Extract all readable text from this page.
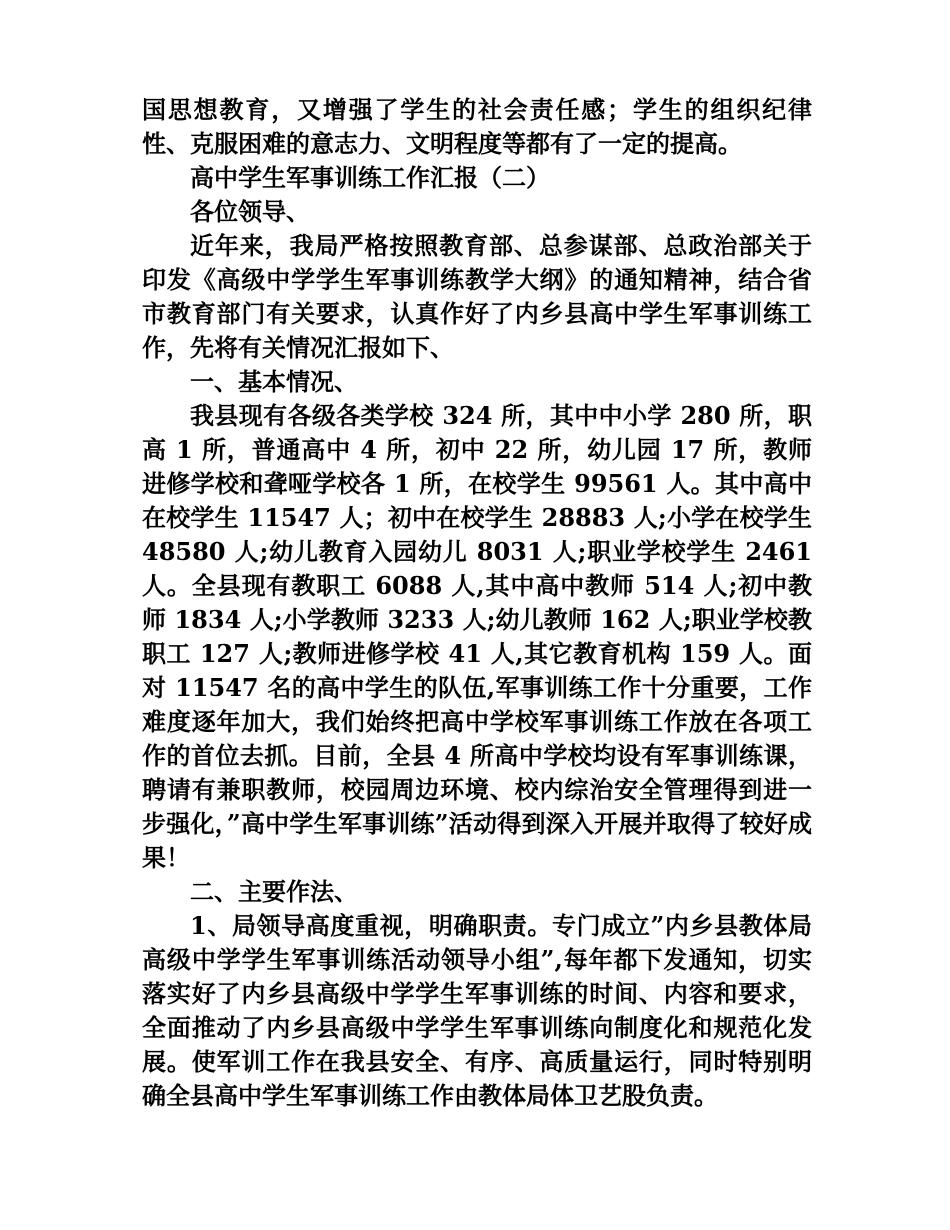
国思想教育，又增强了学生的社会责任感；学生的组织纪律性、克服困难的意志力、文明程度等都有了一定的提高。

高中学生军事训练工作汇报（二）

各位领导、

近年来，我局严格按照教育部、总参谋部、总政治部关于印发《高级中学学生军事训练教学大纲》的通知精神，结合省市教育部门有关要求，认真作好了内乡县高中学生军事训练工作，先将有关情况汇报如下、

一、基本情况、

我县现有各级各类学校 324 所，其中中小学 280 所，职高 1 所，普通高中 4 所，初中 22 所，幼儿园 17 所，教师进修学校和聋哑学校各 1 所，在校学生 99561 人。其中高中在校学生 11547 人；初中在校学生 28883 人;小学在校学生 48580 人;幼儿教育入园幼儿 8031 人;职业学校学生 2461 人。全县现有教职工 6088 人,其中高中教师 514 人;初中教师 1834 人;小学教师 3233 人;幼儿教师 162 人;职业学校教职工 127 人;教师进修学校 41 人,其它教育机构 159 人。面对 11547 名的高中学生的队伍,军事训练工作十分重要，工作难度逐年加大，我们始终把高中学校军事训练工作放在各项工作的首位去抓。目前，全县 4 所高中学校均设有军事训练课，聘请有兼职教师，校园周边环境、校内综治安全管理得到进一步强化，”高中学生军事训练”活动得到深入开展并取得了较好成果！

二、主要作法、

1、局领导高度重视，明确职责。专门成立”内乡县教体局高级中学学生军事训练活动领导小组”,每年都下发通知，切实落实好了内乡县高级中学学生军事训练的时间、内容和要求，全面推动了内乡县高级中学学生军事训练向制度化和规范化发展。使军训工作在我县安全、有序、高质量运行，同时特别明确全县高中学生军事训练工作由教体局体卫艺股负责。
